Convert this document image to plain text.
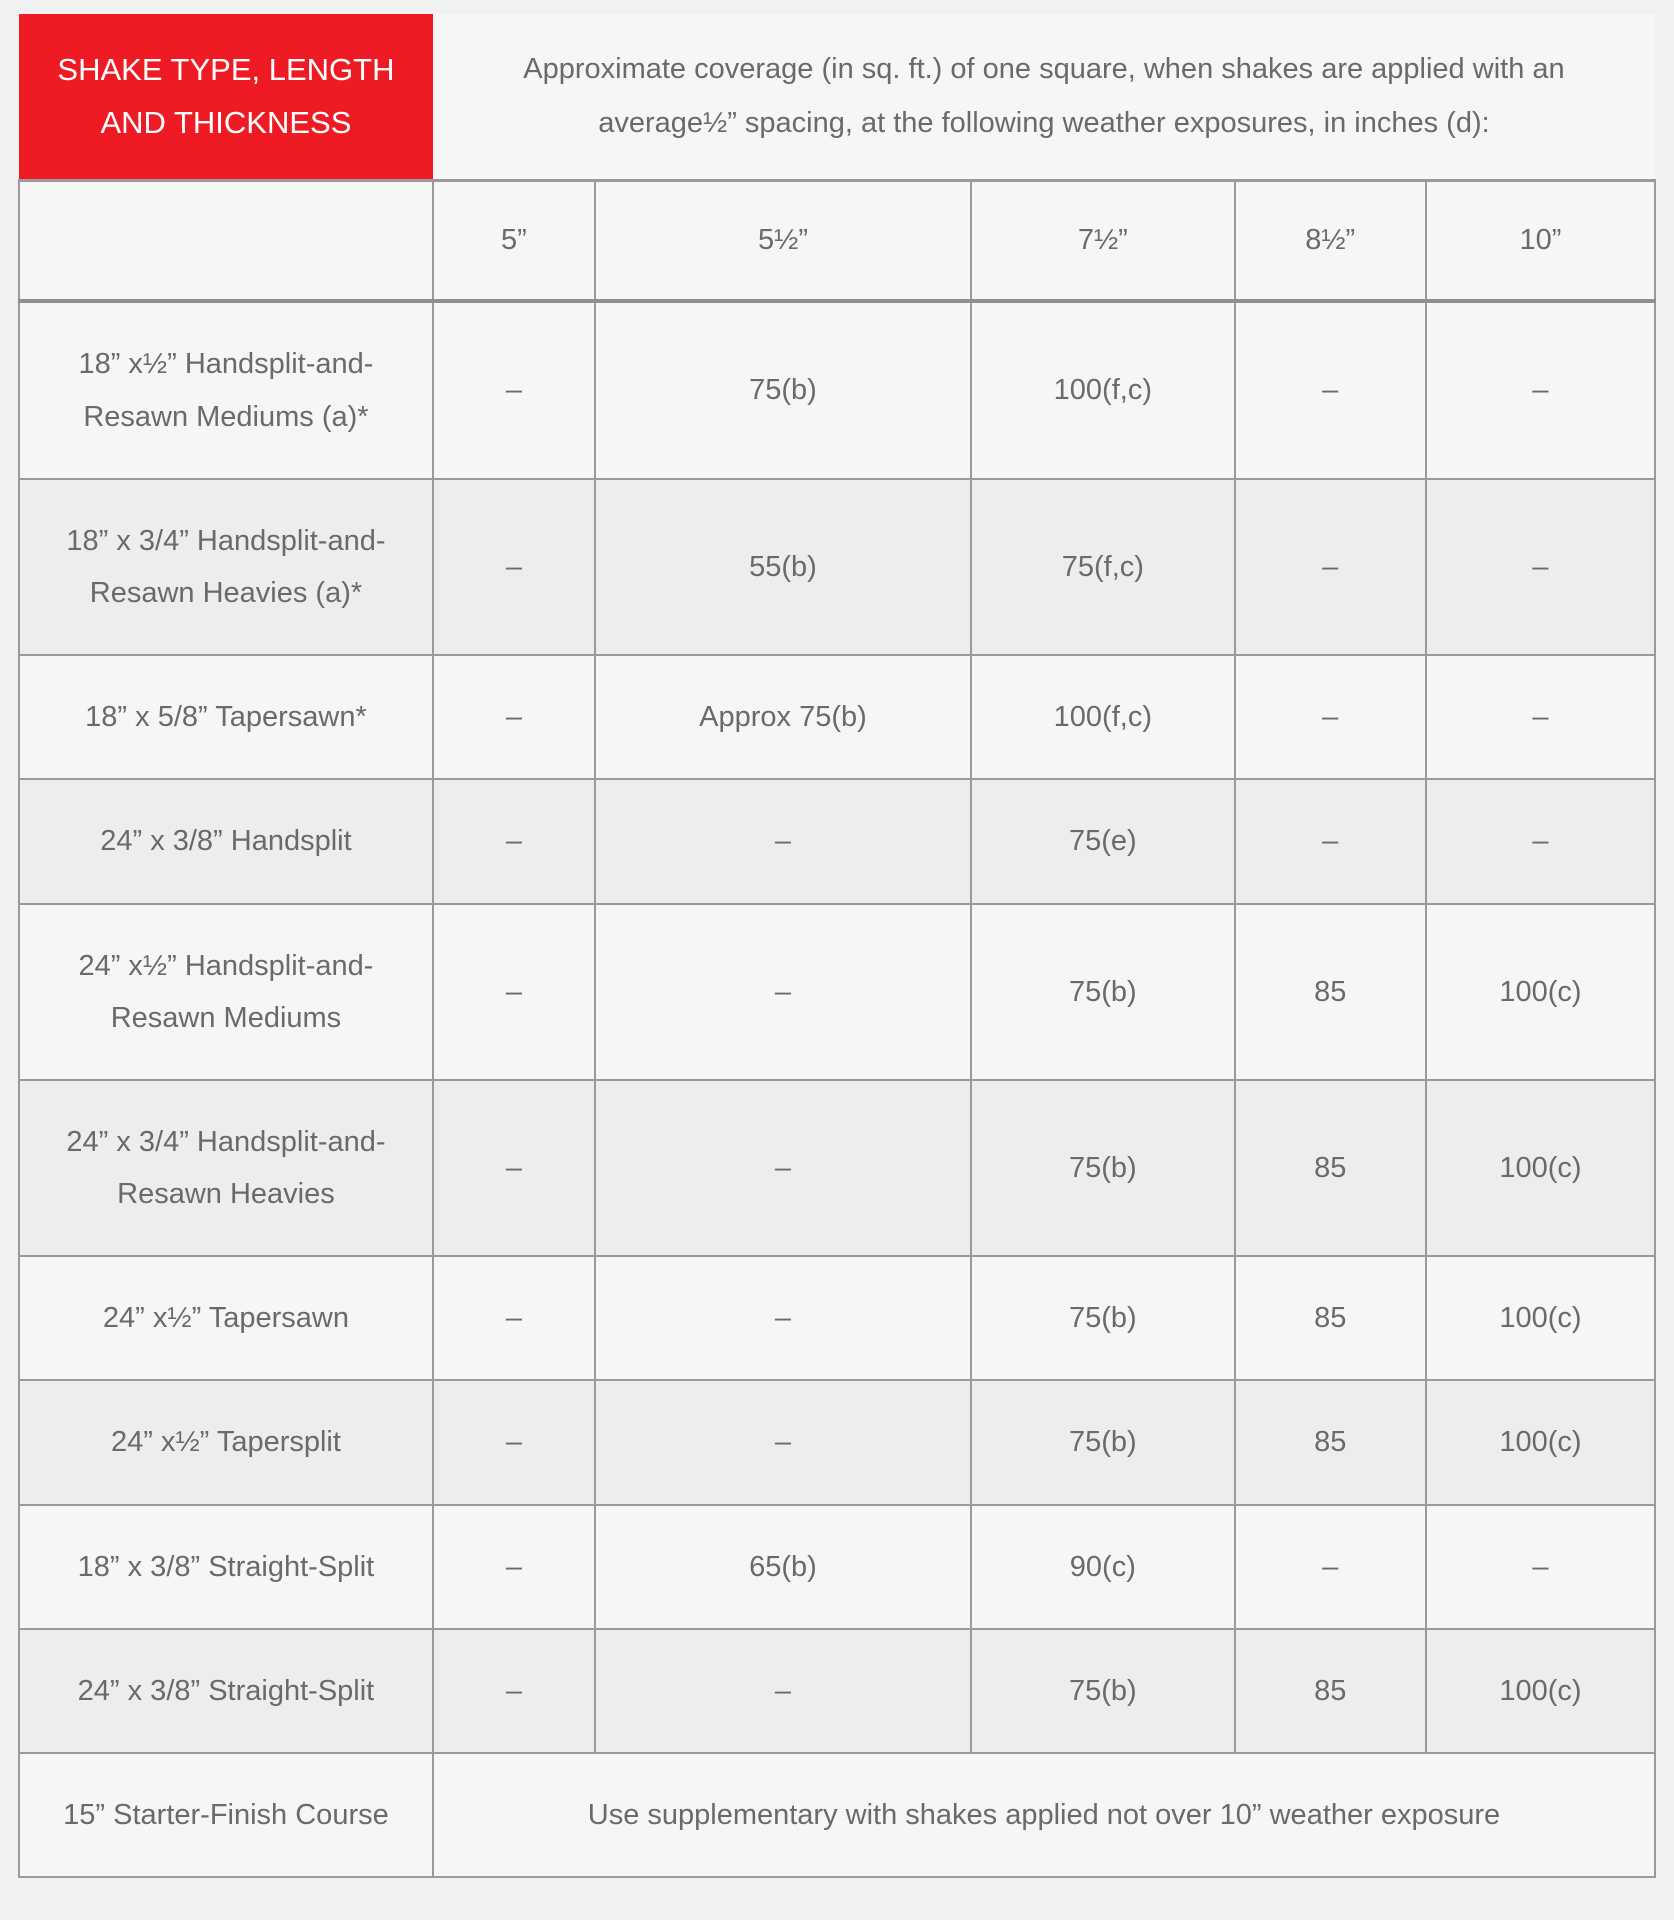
SHAKE TYPE, LENGTH AND THICKNESS	Approximate coverage (in sq. ft.) of one square, when shakes are applied with an average½” spacing, at the following weather exposures, in inches (d):				
	5”	5½”	7½”	8½”	10”
18” x½” Handsplit-and-Resawn Mediums (a)*	–	75(b)	100(f,c)	–	–
18” x 3/4” Handsplit-and-Resawn Heavies (a)*	–	55(b)	75(f,c)	–	–
18” x 5/8” Tapersawn*	–	Approx 75(b)	100(f,c)	–	–
24” x 3/8” Handsplit	–	–	75(e)	–	–
24” x½” Handsplit-and-Resawn Mediums	–	–	75(b)	85	100(c)
24” x 3/4” Handsplit-and-Resawn Heavies	–	–	75(b)	85	100(c)
24” x½” Tapersawn	–	–	75(b)	85	100(c)
24” x½” Tapersplit	–	–	75(b)	85	100(c)
18” x 3/8” Straight-Split	–	65(b)	90(c)	–	–
24” x 3/8” Straight-Split	–	–	75(b)	85	100(c)
15” Starter-Finish Course	Use supplementary with shakes applied not over 10” weather exposure				
